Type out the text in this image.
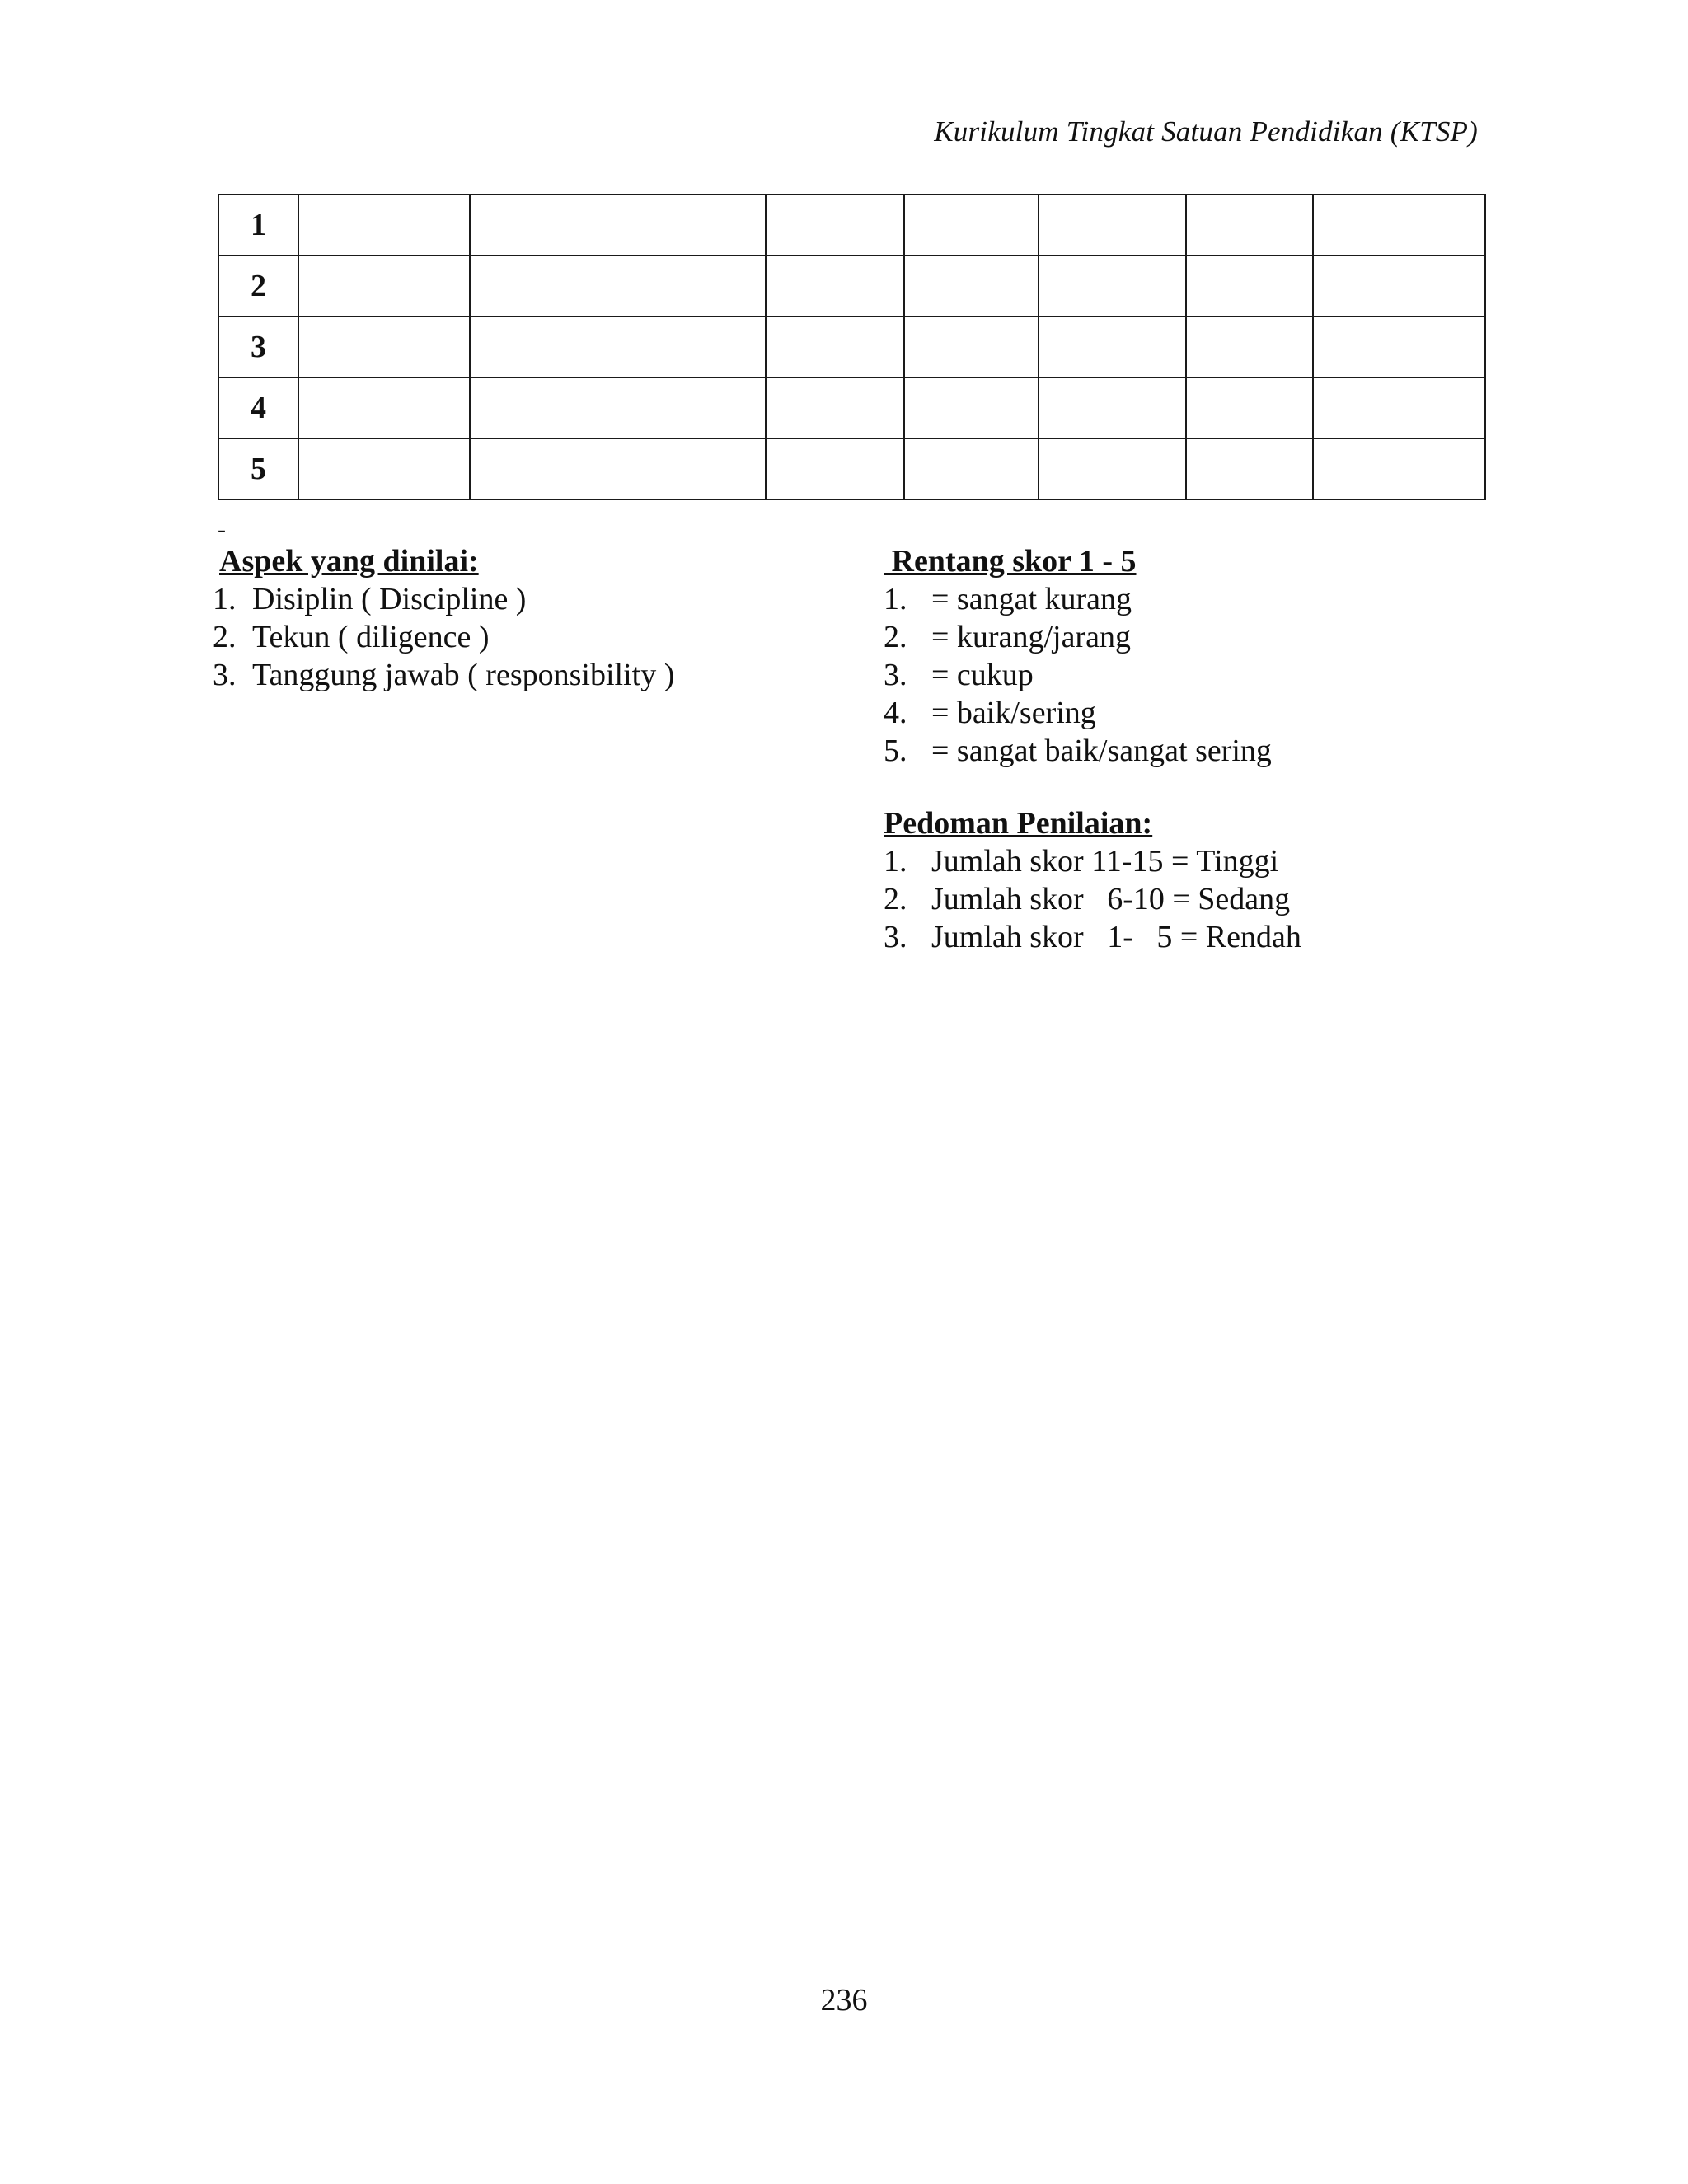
Kurikulum Tingkat Satuan Pendidikan (KTSP)
1							
2							
3							
4							
5							
-
Aspek yang dinilai:
1. Disiplin ( Discipline )
2. Tekun ( diligence )
3. Tanggung jawab ( responsibility )
Rentang skor 1 - 5
1. = sangat kurang
2. = kurang/jarang
3. = cukup
4. = baik/sering
5. = sangat baik/sangat sering
Pedoman Penilaian:
1. Jumlah skor 11-15 = Tinggi
2. Jumlah skor   6-10 = Sedang
3. Jumlah skor   1-   5 = Rendah
236
